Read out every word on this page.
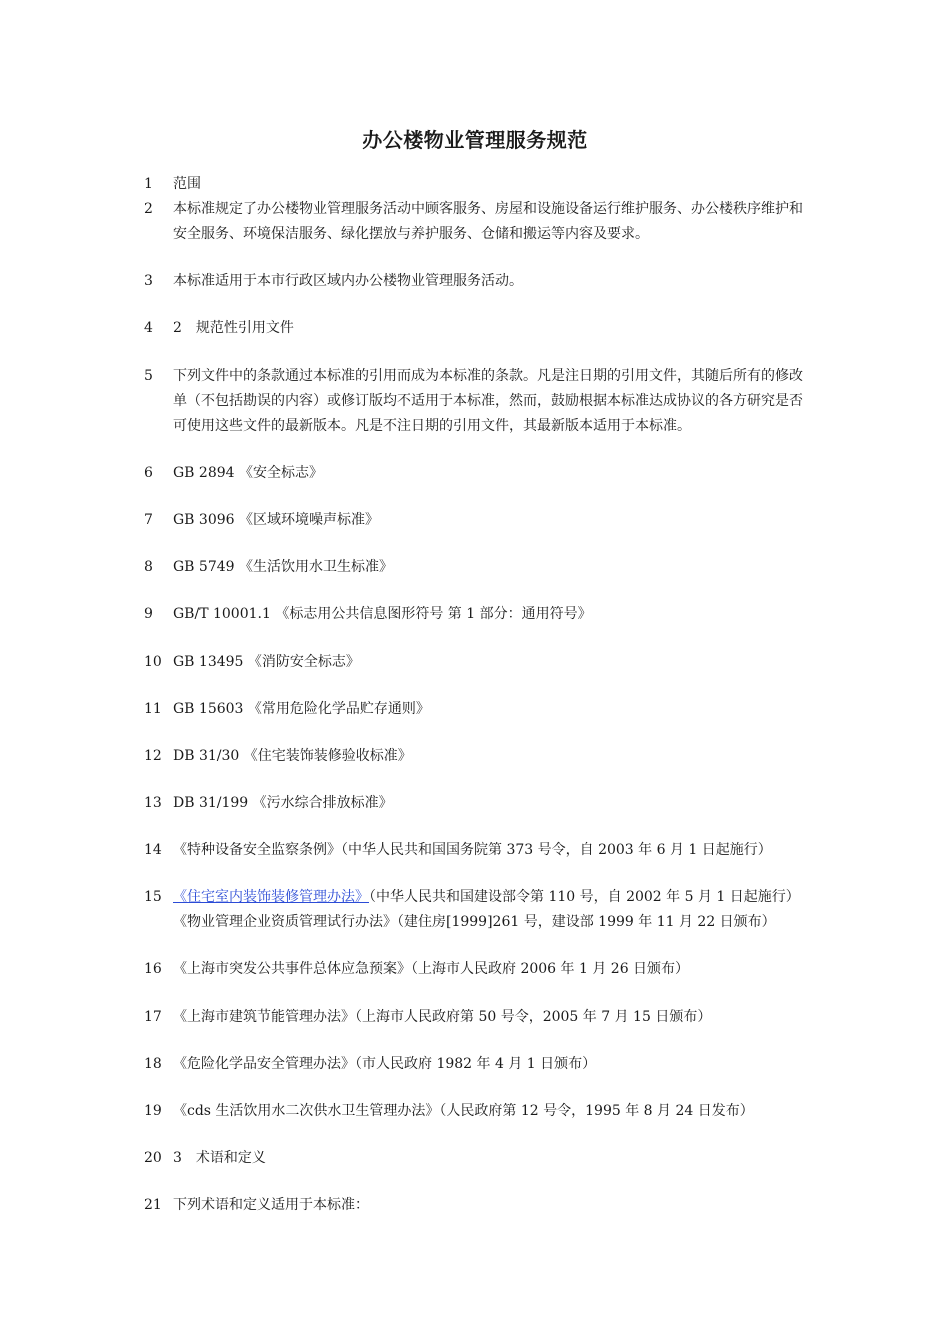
办公楼物业管理服务规范
1 范围
2 本标准规定了办公楼物业管理服务活动中顾客服务、房屋和设施设备运行维护服务、办公楼秩序维护和安全服务、环境保洁服务、绿化摆放与养护服务、仓储和搬运等内容及要求。
3 本标准适用于本市行政区域内办公楼物业管理服务活动。
4 2　规范性引用文件
5 下列文件中的条款通过本标准的引用而成为本标准的条款。凡是注日期的引用文件，其随后所有的修改单（不包括勘误的内容）或修订版均不适用于本标准，然而，鼓励根据本标准达成协议的各方研究是否可使用这些文件的最新版本。凡是不注日期的引用文件，其最新版本适用于本标准。
6 GB 2894 《安全标志》
7 GB 3096 《区域环境噪声标准》
8 GB 5749 《生活饮用水卫生标准》
9 GB/T 10001.1 《标志用公共信息图形符号 第 1 部分：通用符号》
10 GB 13495 《消防安全标志》
11 GB 15603 《常用危险化学品贮存通则》
12 DB 31/30 《住宅装饰装修验收标准》
13 DB 31/199 《污水综合排放标准》
14 《特种设备安全监察条例》（中华人民共和国国务院第 373 号令，自 2003 年 6 月 1 日起施行）
15 《住宅室内装饰装修管理办法》（中华人民共和国建设部令第 110 号，自 2002 年 5 月 1 日起施行）《物业管理企业资质管理试行办法》（建住房[1999]261 号，建设部 1999 年 11 月 22 日颁布）
16 《上海市突发公共事件总体应急预案》（上海市人民政府 2006 年 1 月 26 日颁布）
17 《上海市建筑节能管理办法》（上海市人民政府第 50 号令，2005 年 7 月 15 日颁布）
18 《危险化学品安全管理办法》（市人民政府 1982 年 4 月 1 日颁布）
19 《cds 生活饮用水二次供水卫生管理办法》（人民政府第 12 号令，1995 年 8 月 24 日发布）
20 3　术语和定义
21 下列术语和定义适用于本标准：
